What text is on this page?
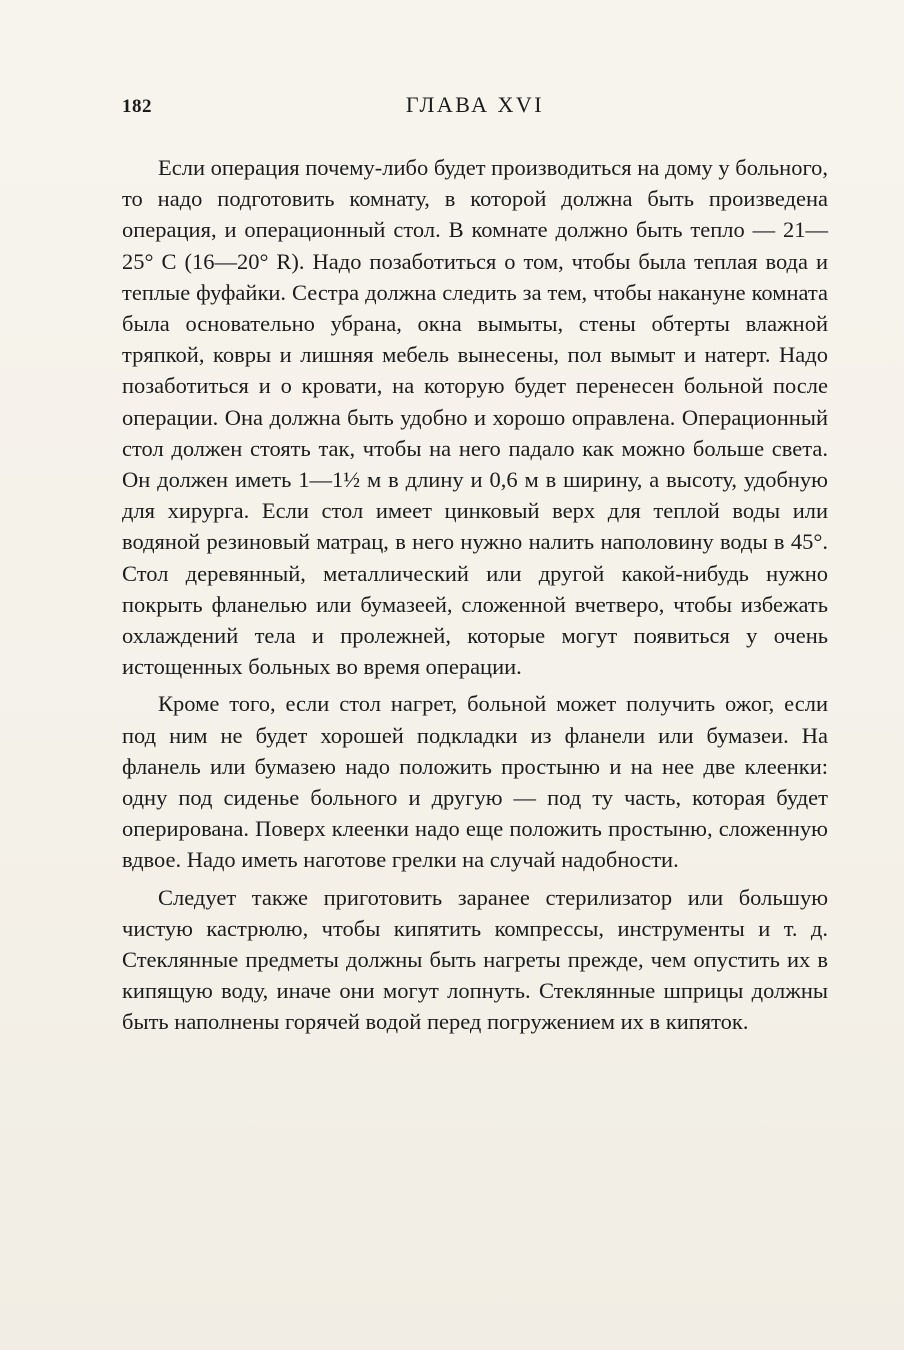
182	ГЛАВА XVI

Если операция почему-либо будет производиться на дому у больного, то надо подготовить комнату, в которой должна быть произведена операция, и операционный стол. В комнате должно быть тепло — 21—25° С (16—20° R). Надо позаботиться о том, чтобы была теплая вода и теплые фуфайки. Сестра должна следить за тем, чтобы накануне комната была основательно убрана, окна вымыты, стены обтерты влажной тряпкой, ковры и лишняя мебель вынесены, пол вымыт и натерт. Надо позаботиться и о кровати, на которую будет перенесен больной после операции. Она должна быть удобно и хорошо оправлена. Операционный стол должен стоять так, чтобы на него падало как можно больше света. Он должен иметь 1—1½ м в длину и 0,6 м в ширину, а высоту, удобную для хирурга. Если стол имеет цинковый верх для теплой воды или водяной резиновый матрац, в него нужно налить наполовину воды в 45°. Стол деревянный, металлический или другой какой-нибудь нужно покрыть фланелью или бумазеей, сложенной вчетверо, чтобы избежать охлаждений тела и пролежней, которые могут появиться у очень истощенных больных во время операции.

Кроме того, если стол нагрет, больной может получить ожог, если под ним не будет хорошей подкладки из фланели или бумазеи. На фланель или бумазею надо положить простыню и на нее две клеенки: одну под сиденье больного и другую — под ту часть, которая будет оперирована. Поверх клеенки надо еще положить простыню, сложенную вдвое. Надо иметь наготове грелки на случай надобности.

Следует также приготовить заранее стерилизатор или большую чистую кастрюлю, чтобы кипятить компрессы, инструменты и т. д. Стеклянные предметы должны быть нагреты прежде, чем опустить их в кипящую воду, иначе они могут лопнуть. Стеклянные шприцы должны быть наполнены горячей водой перед погружением их в кипяток.
